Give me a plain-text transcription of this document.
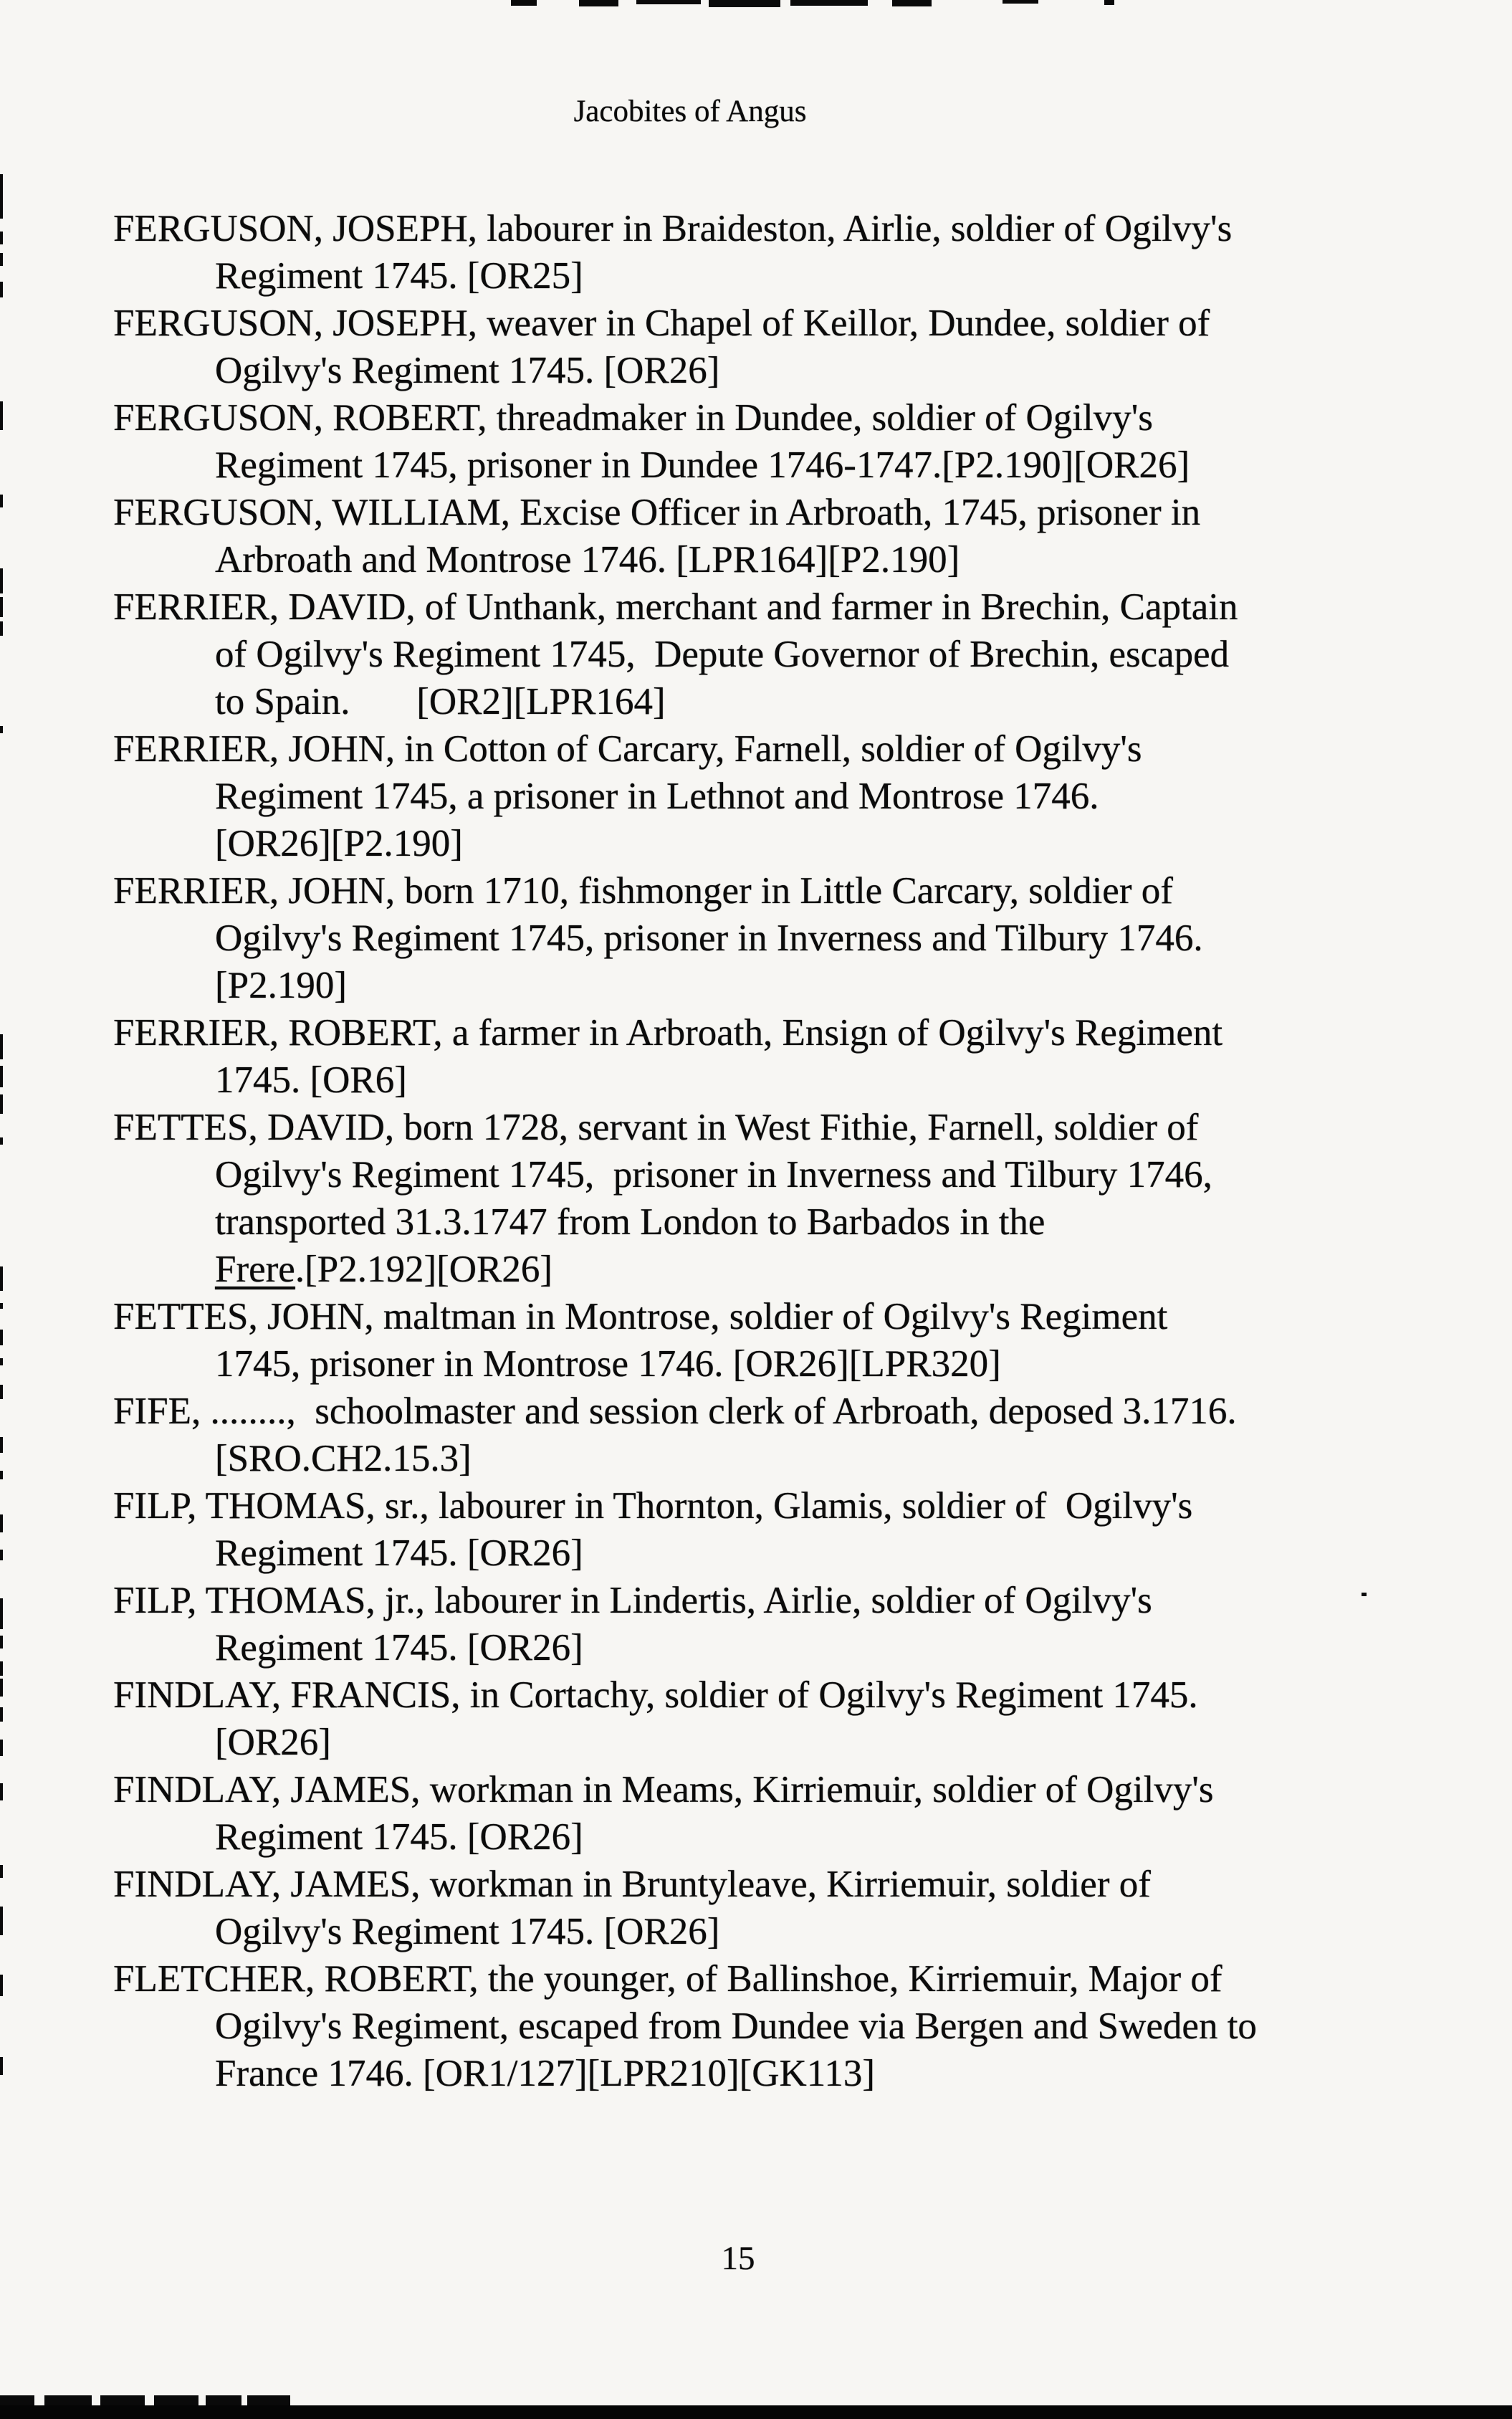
Jacobites of Angus
FERGUSON, JOSEPH, labourer in Braideston, Airlie, soldier of Ogilvy's
Regiment 1745. [OR25]
FERGUSON, JOSEPH, weaver in Chapel of Keillor, Dundee, soldier of
Ogilvy's Regiment 1745. [OR26]
FERGUSON, ROBERT, threadmaker in Dundee, soldier of Ogilvy's
Regiment 1745, prisoner in Dundee 1746-1747.[P2.190][OR26]
FERGUSON, WILLIAM, Excise Officer in Arbroath, 1745, prisoner in
Arbroath and Montrose 1746. [LPR164][P2.190]
FERRIER, DAVID, of Unthank, merchant and farmer in Brechin, Captain
of Ogilvy's Regiment 1745,  Depute Governor of Brechin, escaped
to Spain.       [OR2][LPR164]
FERRIER, JOHN, in Cotton of Carcary, Farnell, soldier of Ogilvy's
Regiment 1745, a prisoner in Lethnot and Montrose 1746.
[OR26][P2.190]
FERRIER, JOHN, born 1710, fishmonger in Little Carcary, soldier of
Ogilvy's Regiment 1745, prisoner in Inverness and Tilbury 1746.
[P2.190]
FERRIER, ROBERT, a farmer in Arbroath, Ensign of Ogilvy's Regiment
1745. [OR6]
FETTES, DAVID, born 1728, servant in West Fithie, Farnell, soldier of
Ogilvy's Regiment 1745,  prisoner in Inverness and Tilbury 1746,
transported 31.3.1747 from London to Barbados in the
Frere.[P2.192][OR26]
FETTES, JOHN, maltman in Montrose, soldier of Ogilvy's Regiment
1745, prisoner in Montrose 1746. [OR26][LPR320]
FIFE, ........,  schoolmaster and session clerk of Arbroath, deposed 3.1716.
[SRO.CH2.15.3]
FILP, THOMAS, sr., labourer in Thornton, Glamis, soldier of  Ogilvy's
Regiment 1745. [OR26]
FILP, THOMAS, jr., labourer in Lindertis, Airlie, soldier of Ogilvy's
Regiment 1745. [OR26]
FINDLAY, FRANCIS, in Cortachy, soldier of Ogilvy's Regiment 1745.
[OR26]
FINDLAY, JAMES, workman in Meams, Kirriemuir, soldier of Ogilvy's
Regiment 1745. [OR26]
FINDLAY, JAMES, workman in Bruntyleave, Kirriemuir, soldier of
Ogilvy's Regiment 1745. [OR26]
FLETCHER, ROBERT, the younger, of Ballinshoe, Kirriemuir, Major of
Ogilvy's Regiment, escaped from Dundee via Bergen and Sweden to
France 1746. [OR1/127][LPR210][GK113]
15
